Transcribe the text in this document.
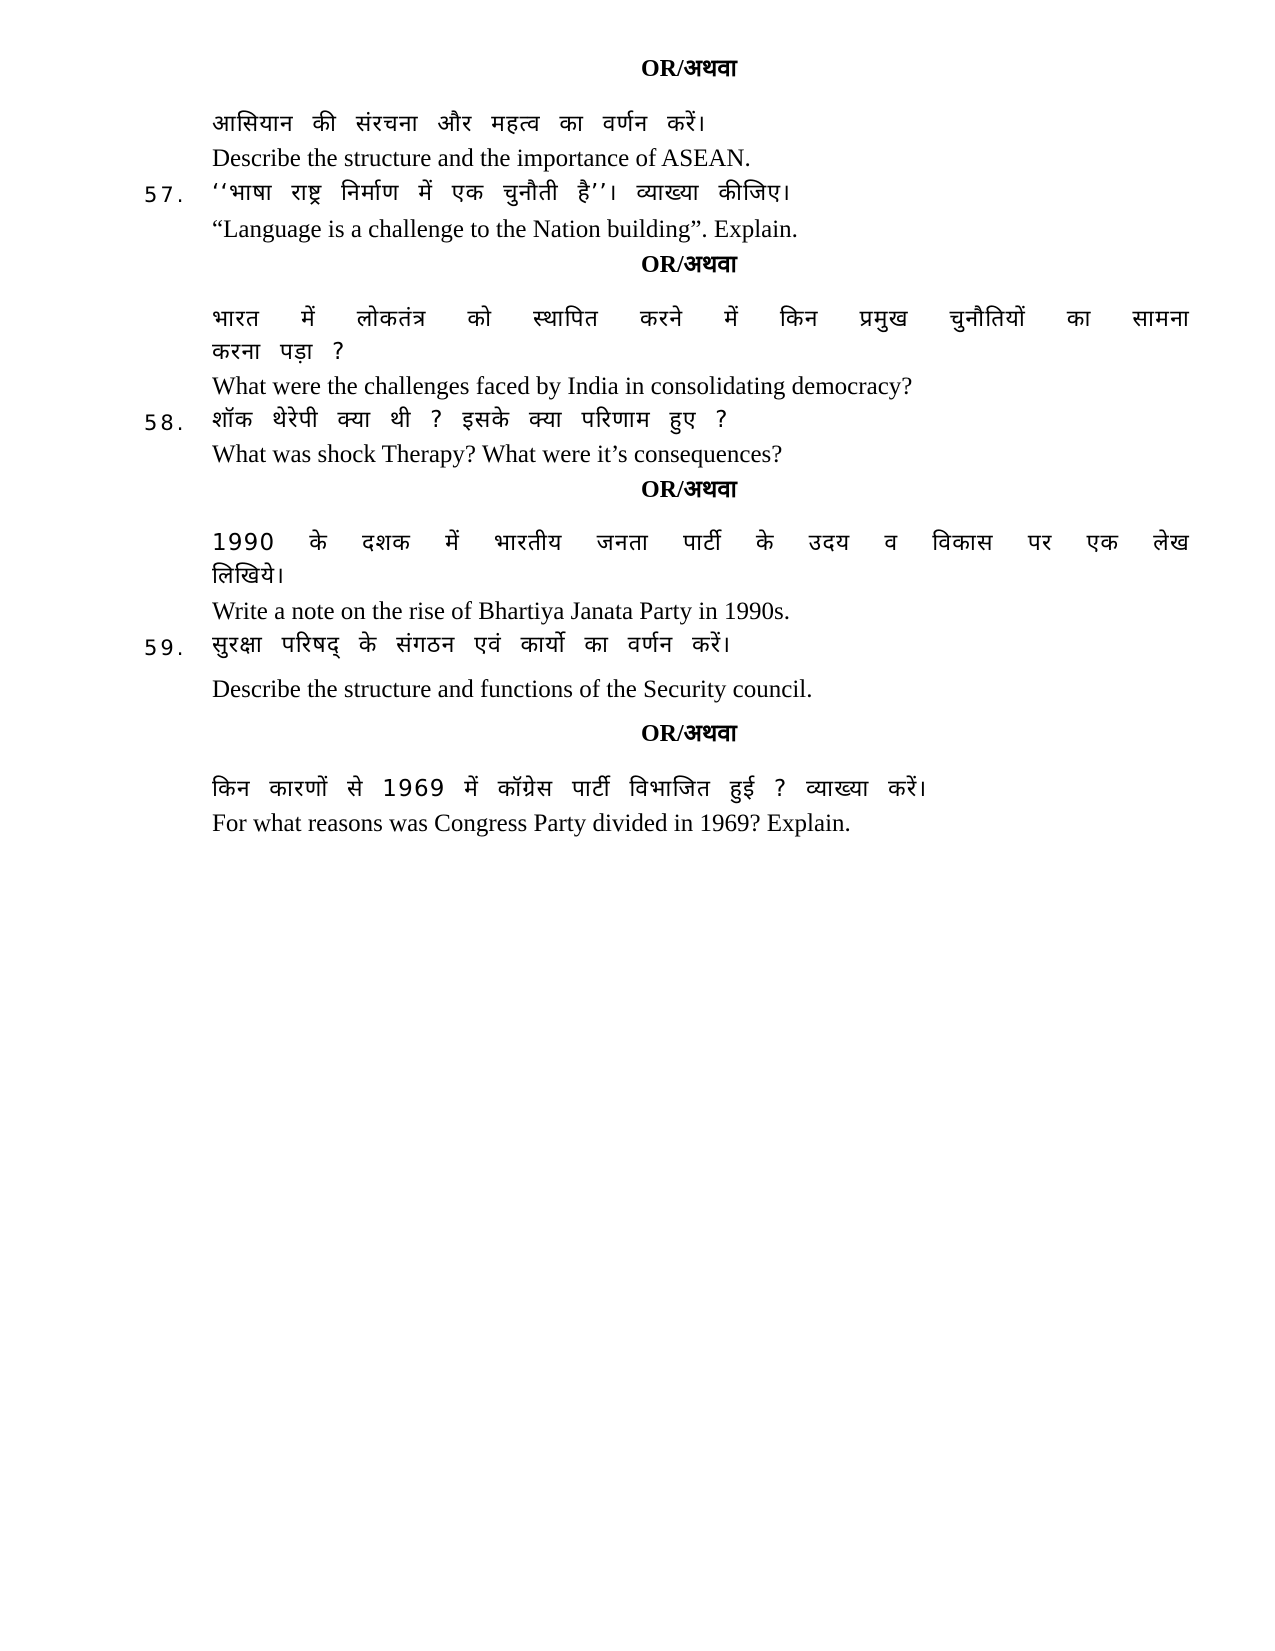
OR/अथवा
आसियान की संरचना और महत्व का वर्णन करें।
Describe the structure and the importance of ASEAN.
57. ‘‘भाषा राष्ट्र निर्माण में एक चुनौती है’’। व्याख्या कीजिए।
“Language is a challenge to the Nation building”. Explain.
OR/अथवा
भारत में लोकतंत्र को स्थापित करने में किन प्रमुख चुनौतियों का सामना
करना पड़ा ?
What were the challenges faced by India in consolidating democracy?
58. शॉक थेरेपी क्या थी ? इसके क्या परिणाम हुए ?
What was shock Therapy? What were it’s consequences?
OR/अथवा
1990 के दशक में भारतीय जनता पार्टी के उदय व विकास पर एक लेख
लिखिये।
Write a note on the rise of Bhartiya Janata Party in 1990s.
59. सुरक्षा परिषद् के संगठन एवं कार्यो का वर्णन करें।
Describe the structure and functions of the Security council.
OR/अथवा
किन कारणों से 1969 में कॉग्रेस पार्टी विभाजित हुई ? व्याख्या करें।
For what reasons was Congress Party divided in 1969? Explain.
